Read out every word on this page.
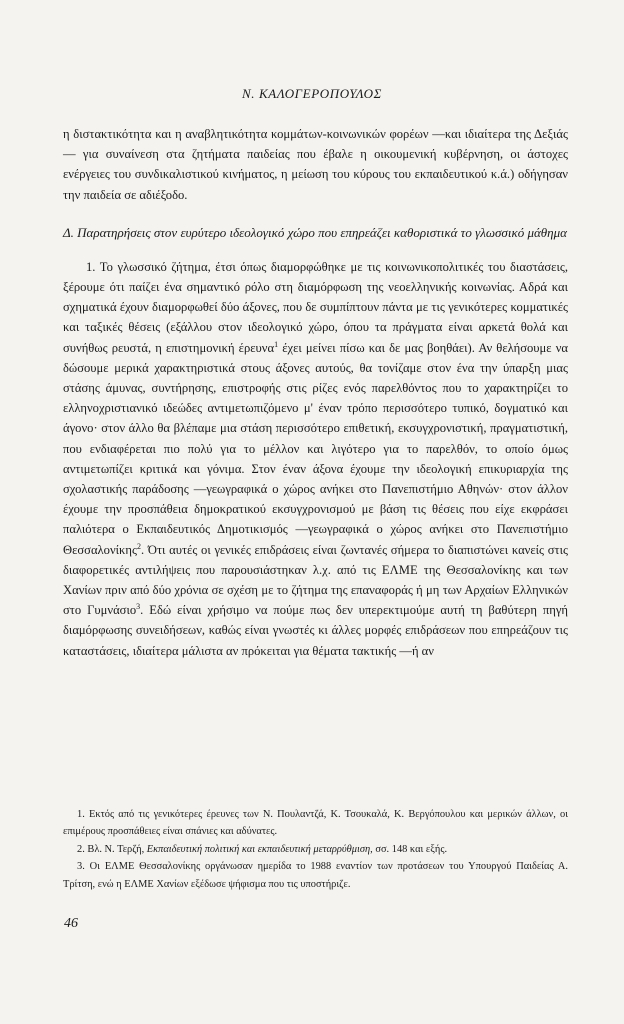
Ν. ΚΑΛΟΓΕΡΟΠΟΥΛΟΣ

η διστακτικότητα και η αναβλητικότητα κομμάτων-κοινωνικών φορέων —και ιδιαίτερα της Δεξιάς— για συναίνεση στα ζητήματα παιδείας που έβαλε η οικουμενική κυβέρνηση, οι άστοχες ενέργειες του συνδικαλιστικού κινήματος, η μείωση του κύρους του εκπαιδευτικού κ.ά.) οδήγησαν την παιδεία σε αδιέξοδο.

Δ. Παρατηρήσεις στον ευρύτερο ιδεολογικό χώρο που επηρεάζει καθοριστικά το γλωσσικό μάθημα

1. Το γλωσσικό ζήτημα, έτσι όπως διαμορφώθηκε με τις κοινωνικοπολιτικές του διαστάσεις, ξέρουμε ότι παίζει ένα σημαντικό ρόλο στη διαμόρφωση της νεοελληνικής κοινωνίας. Αδρά και σχηματικά έχουν διαμορφωθεί δύο άξονες, που δε συμπίπτουν πάντα με τις γενικότερες κομματικές και ταξικές θέσεις (εξάλλου στον ιδεολογικό χώρο, όπου τα πράγματα είναι αρκετά θολά και συνήθως ρευστά, η επιστημονική έρευνα$^1$ έχει μείνει πίσω και δε μας βοηθάει). Αν θελήσουμε να δώσουμε μερικά χαρακτηριστικά στους άξονες αυτούς, θα τονίζαμε στον ένα την ύπαρξη μιας στάσης άμυνας, συντήρησης, επιστροφής στις ρίζες ενός παρελθόντος που το χαρακτηρίζει το ελληνοχριστιανικό ιδεώδες αντιμετωπιζόμενο μ' έναν τρόπο περισσότερο τυπικό, δογματικό και άγονο· στον άλλο θα βλέπαμε μια στάση περισσότερο επιθετική, εκσυγχρονιστική, πραγματιστική, που ενδιαφέρεται πιο πολύ για το μέλλον και λιγότερο για το παρελθόν, το οποίο όμως αντιμετωπίζει κριτικά και γόνιμα. Στον έναν άξονα έχουμε την ιδεολογική επικυριαρχία της σχολαστικής παράδοσης —γεωγραφικά ο χώρος ανήκει στο Πανεπιστήμιο Αθηνών· στον άλλον έχουμε την προσπάθεια δημοκρατικού εκσυγχρονισμού με βάση τις θέσεις που είχε εκφράσει παλιότερα ο Εκπαιδευτικός Δημοτικισμός —γεωγραφικά ο χώρος ανήκει στο Πανεπιστήμιο Θεσσαλονίκης$^2$. Ότι αυτές οι γενικές επιδράσεις είναι ζωντανές σήμερα το διαπιστώνει κανείς στις διαφορετικές αντιλήψεις που παρουσιάστηκαν λ.χ. από τις ΕΛΜΕ της Θεσσαλονίκης και των Χανίων πριν από δύο χρόνια σε σχέση με το ζήτημα της επαναφοράς ή μη των Αρχαίων Ελληνικών στο Γυμνάσιο$^3$. Εδώ είναι χρήσιμο να πούμε πως δεν υπερεκτιμούμε αυτή τη βαθύτερη πηγή διαμόρφωσης συνειδήσεων, καθώς είναι γνωστές κι άλλες μορφές επιδράσεων που επηρεάζουν τις καταστάσεις, ιδιαίτερα μάλιστα αν πρόκειται για θέματα τακτικής —ή αν

1. Εκτός από τις γενικότερες έρευνες των Ν. Πουλαντζά, Κ. Τσουκαλά, Κ. Βεργόπουλου και μερικών άλλων, οι επιμέρους προσπάθειες είναι σπάνιες και αδύνατες.

2. Βλ. Ν. Τερζή, Εκπαιδευτική πολιτική και εκπαιδευτική μεταρρύθμιση, σσ. 148 και εξής.

3. Οι ΕΛΜΕ Θεσσαλονίκης οργάνωσαν ημερίδα το 1988 εναντίον των προτάσεων του Υπουργού Παιδείας Α. Τρίτση, ενώ η ΕΛΜΕ Χανίων εξέδωσε ψήφισμα που τις υποστήριζε.

46
